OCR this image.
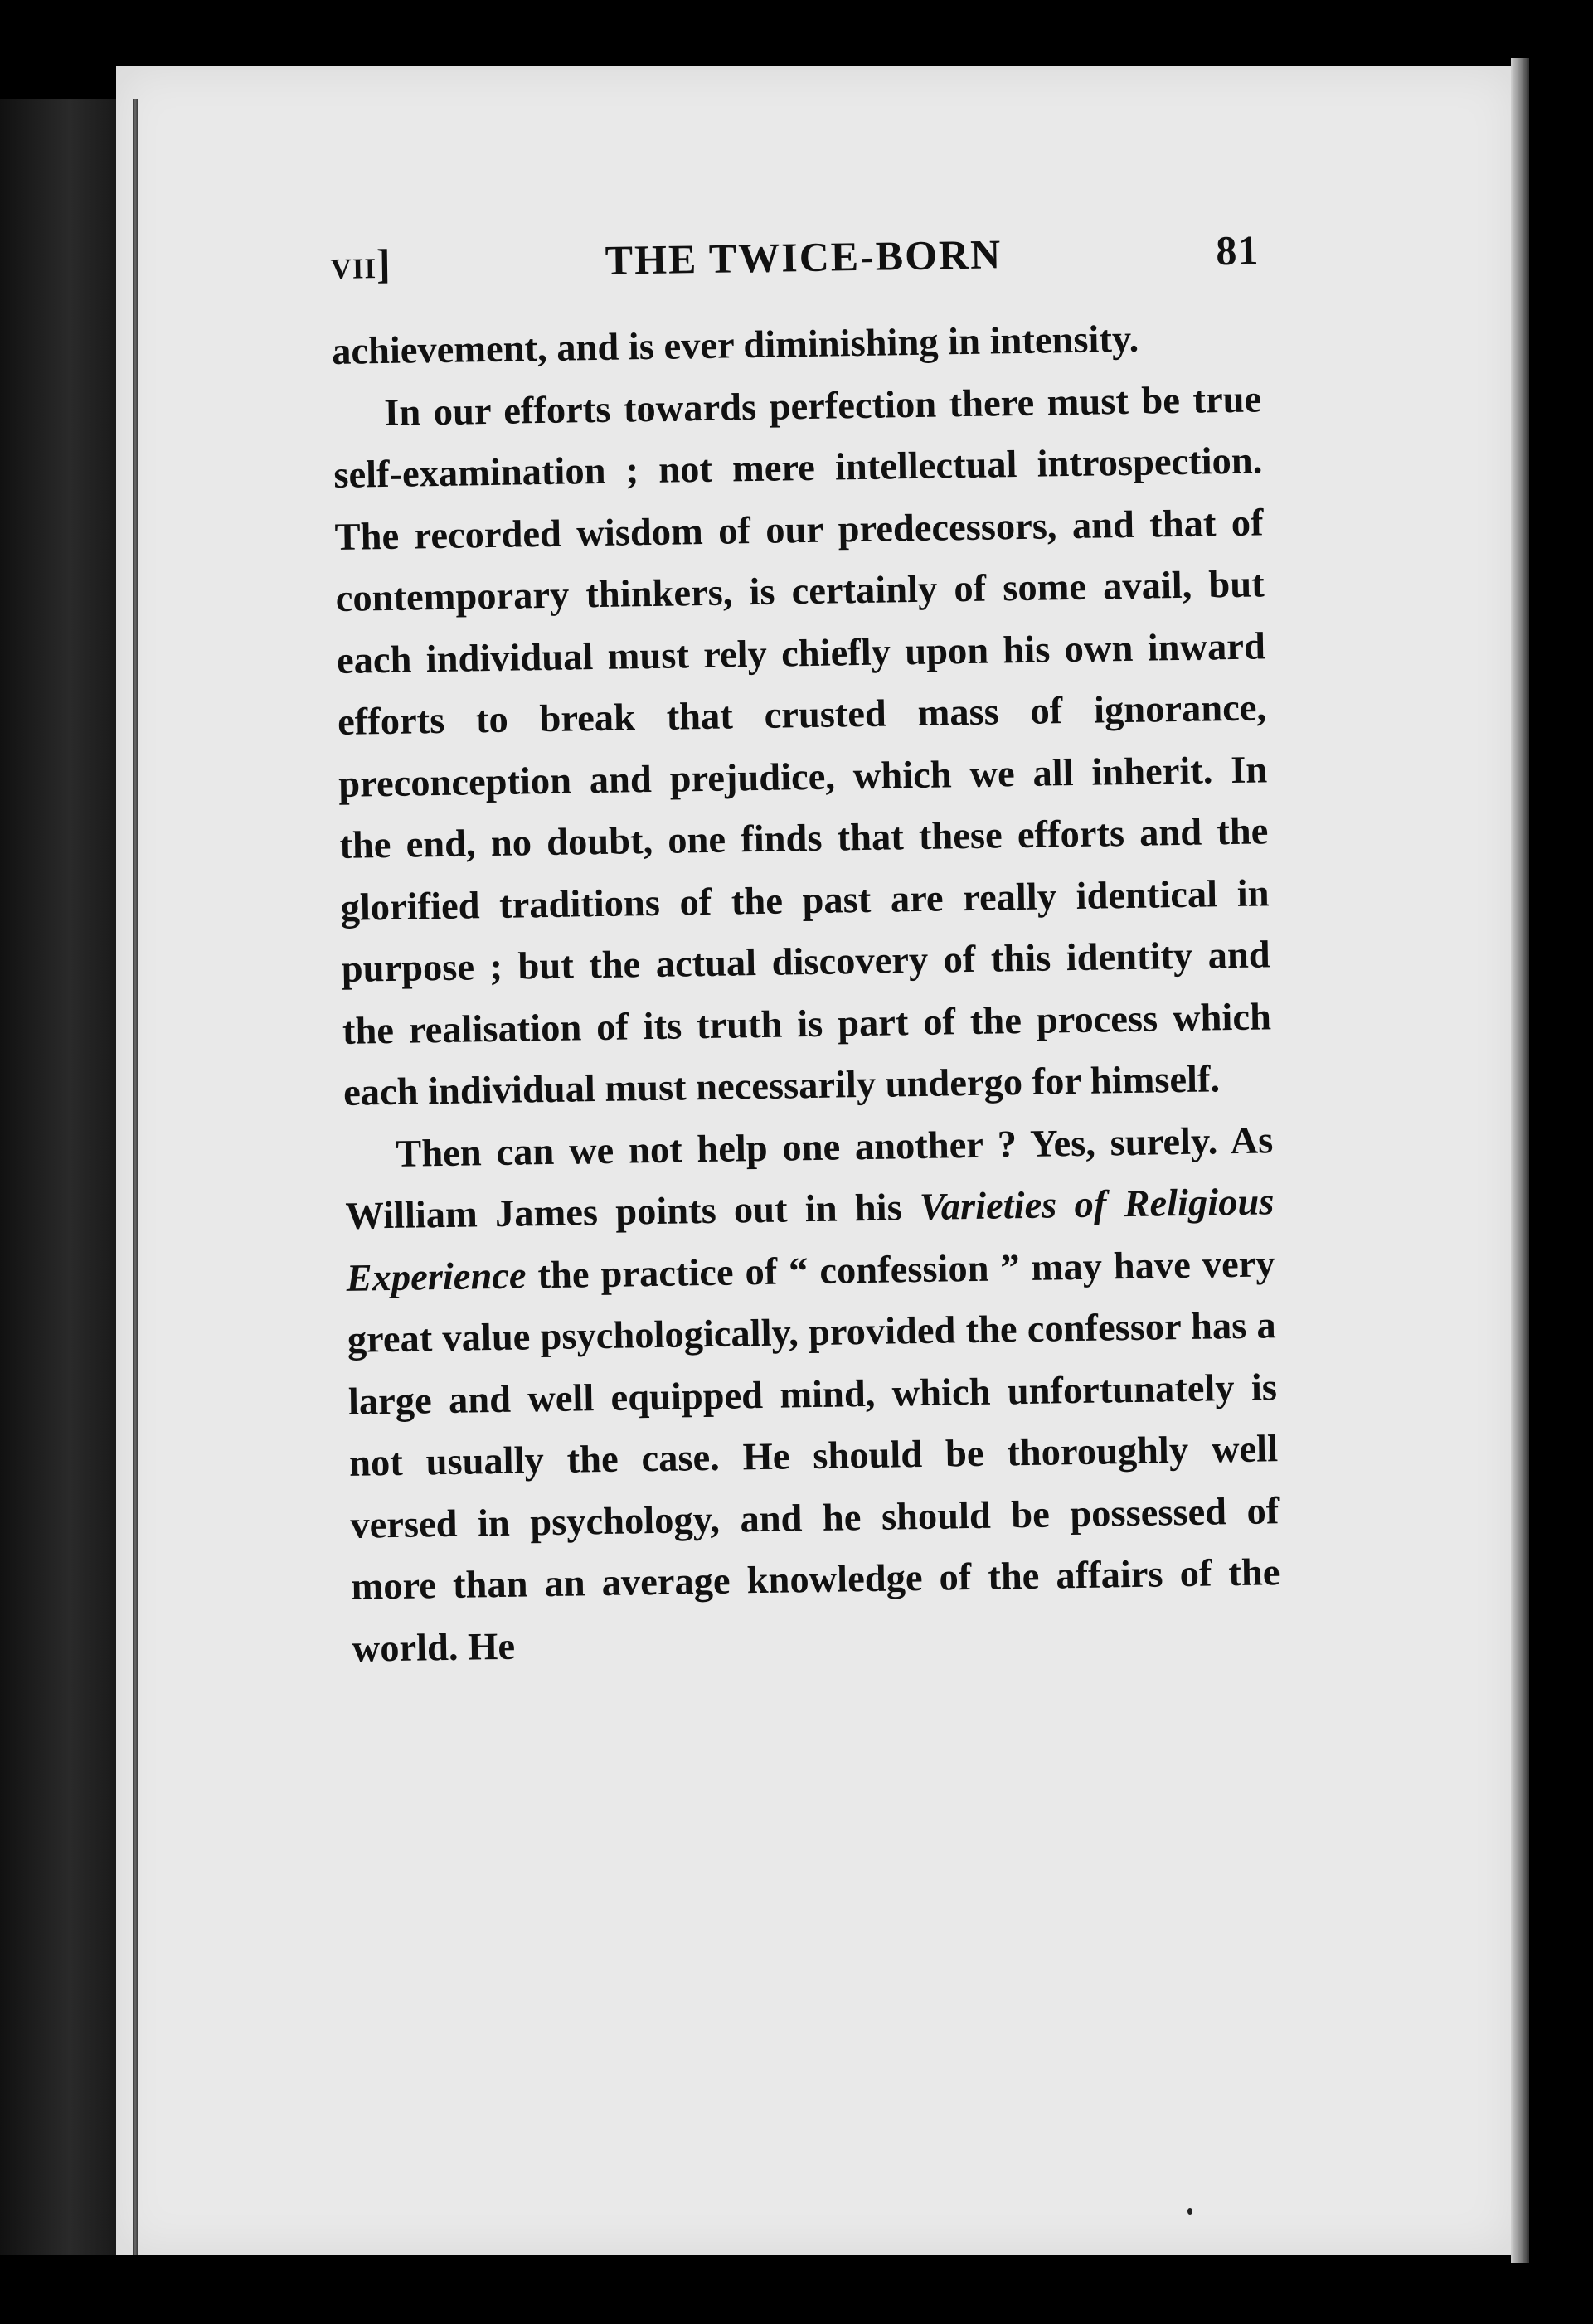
vii]	THE TWICE-BORN	81

achievement, and is ever diminishing in intensity.

In our efforts towards perfection there must be true self-examination ; not mere intellectual introspection. The recorded wisdom of our predecessors, and that of contemporary thinkers, is certainly of some avail, but each individual must rely chiefly upon his own inward efforts to break that crusted mass of ignorance, preconception and prejudice, which we all inherit. In the end, no doubt, one finds that these efforts and the glorified traditions of the past are really identical in purpose ; but the actual discovery of this identity and the realisation of its truth is part of the process which each individual must necessarily undergo for himself.

Then can we not help one another ? Yes, surely. As William James points out in his Varieties of Religious Experience the practice of “ confession ” may have very great value psychologically, provided the confessor has a large and well equipped mind, which unfortunately is not usually the case. He should be thoroughly well versed in psychology, and he should be possessed of more than an average knowledge of the affairs of the world. He
